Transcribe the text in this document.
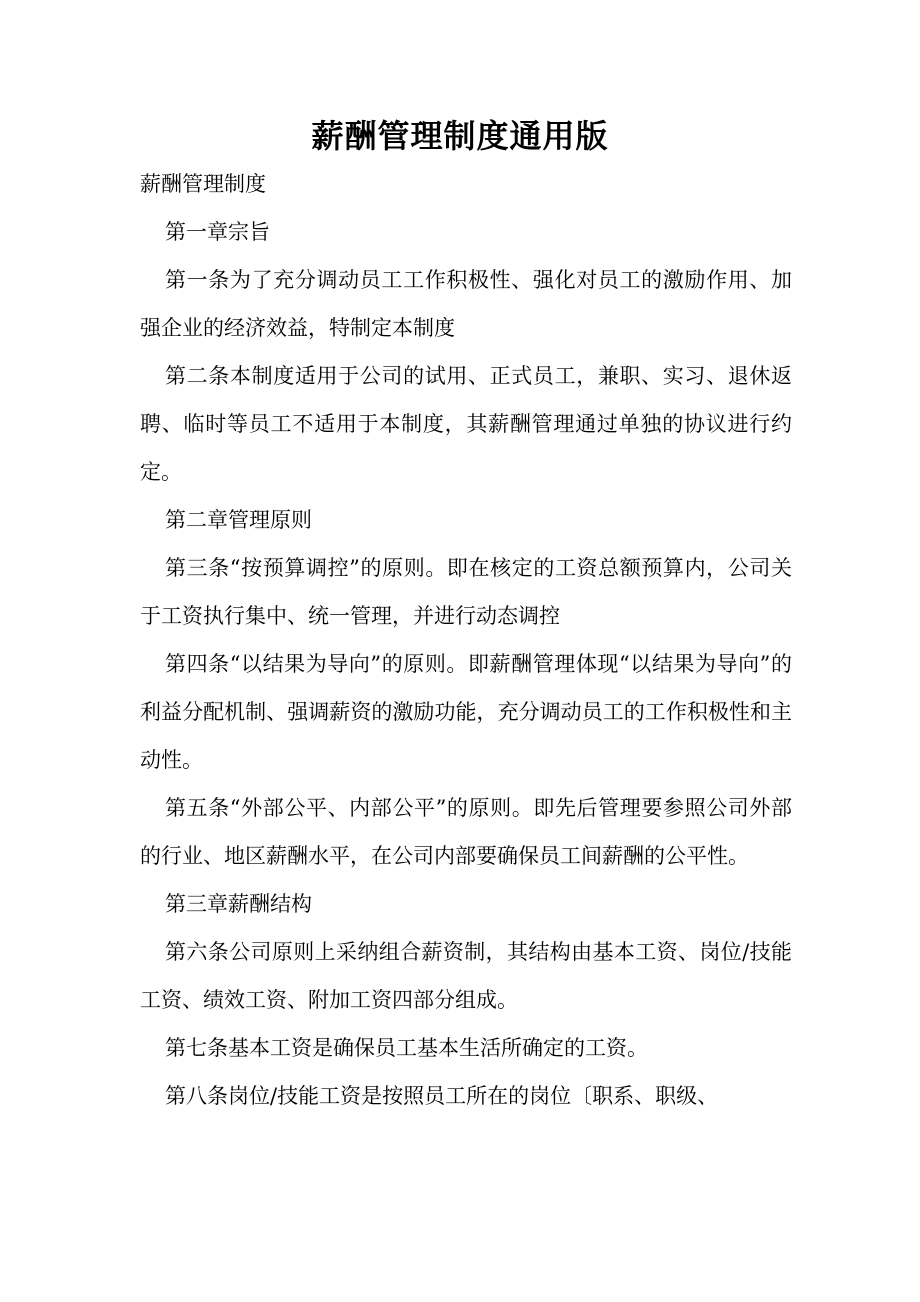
薪酬管理制度通用版

薪酬管理制度

第一章宗旨

第一条为了充分调动员工工作积极性、强化对员工的激励作用、加强企业的经济效益，特制定本制度

第二条本制度适用于公司的试用、正式员工，兼职、实习、退休返聘、临时等员工不适用于本制度，其薪酬管理通过单独的协议进行约定。

第二章管理原则

第三条“按预算调控”的原则。即在核定的工资总额预算内，公司关于工资执行集中、统一管理，并进行动态调控

第四条“以结果为导向”的原则。即薪酬管理体现“以结果为导向”的利益分配机制、强调薪资的激励功能，充分调动员工的工作积极性和主动性。

第五条“外部公平、内部公平”的原则。即先后管理要参照公司外部的行业、地区薪酬水平，在公司内部要确保员工间薪酬的公平性。

第三章薪酬结构

第六条公司原则上采纳组合薪资制，其结构由基本工资、岗位/技能工资、绩效工资、附加工资四部分组成。

第七条基本工资是确保员工基本生活所确定的工资。

第八条岗位/技能工资是按照员工所在的岗位〔职系、职级、
